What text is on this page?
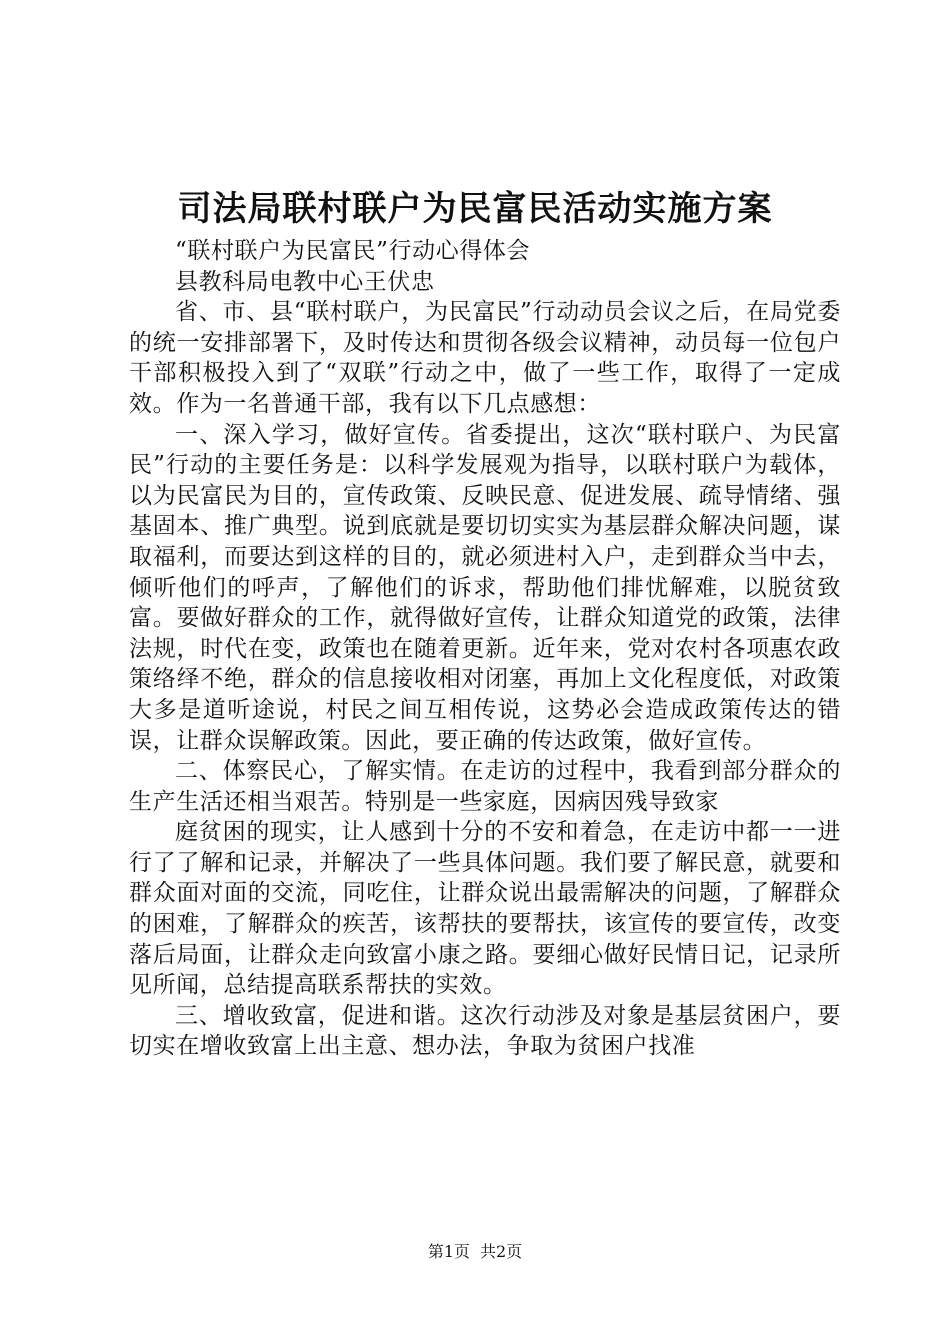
司法局联村联户为民富民活动实施方案

“联村联户为民富民”行动心得体会

县教科局电教中心王伏忠

省、市、县“联村联户，为民富民”行动动员会议之后，在局党委的统一安排部署下，及时传达和贯彻各级会议精神，动员每一位包户干部积极投入到了“双联”行动之中，做了一些工作，取得了一定成效。作为一名普通干部，我有以下几点感想：

一、深入学习，做好宣传。省委提出，这次“联村联户、为民富民”行动的主要任务是：以科学发展观为指导，以联村联户为载体，以为民富民为目的，宣传政策、反映民意、促进发展、疏导情绪、强基固本、推广典型。说到底就是要切切实实为基层群众解决问题，谋取福利，而要达到这样的目的，就必须进村入户，走到群众当中去，倾听他们的呼声，了解他们的诉求，帮助他们排忧解难，以脱贫致富。要做好群众的工作，就得做好宣传，让群众知道党的政策，法律法规，时代在变，政策也在随着更新。近年来，党对农村各项惠农政策络绎不绝，群众的信息接收相对闭塞，再加上文化程度低，对政策大多是道听途说，村民之间互相传说，这势必会造成政策传达的错误，让群众误解政策。因此，要正确的传达政策，做好宣传。

二、体察民心，了解实情。在走访的过程中，我看到部分群众的生产生活还相当艰苦。特别是一些家庭，因病因残导致家

庭贫困的现实，让人感到十分的不安和着急，在走访中都一一进行了了解和记录，并解决了一些具体问题。我们要了解民意，就要和群众面对面的交流，同吃住，让群众说出最需解决的问题，了解群众的困难，了解群众的疾苦，该帮扶的要帮扶，该宣传的要宣传，改变落后局面，让群众走向致富小康之路。要细心做好民情日记，记录所见所闻，总结提高联系帮扶的实效。

三、增收致富，促进和谐。这次行动涉及对象是基层贫困户，要切实在增收致富上出主意、想办法，争取为贫困户找准

第1页 共2页
